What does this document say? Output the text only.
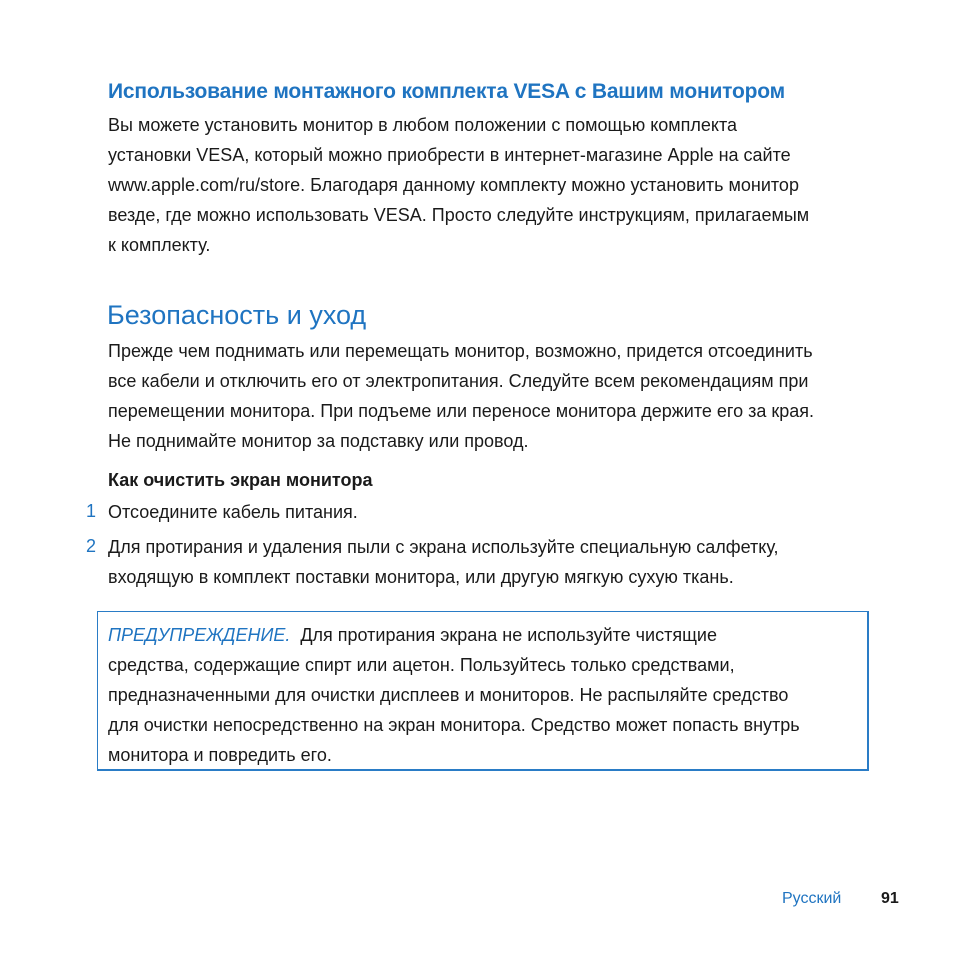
Использование монтажного комплекта VESA с Вашим монитором

Вы можете установить монитор в любом положении с помощью комплекта
установки VESA, который можно приобрести в интернет-магазине Apple на сайте
www.apple.com/ru/store. Благодаря данному комплекту можно установить монитор
везде, где можно использовать VESA. Просто следуйте инструкциям, прилагаемым
к комплекту.

Безопасность и уход

Прежде чем поднимать или перемещать монитор, возможно, придется отсоединить
все кабели и отключить его от электропитания. Следуйте всем рекомендациям при
перемещении монитора. При подъеме или переносе монитора держите его за края.
Не поднимайте монитор за подставку или провод.

Как очистить экран монитора
1 Отсоедините кабель питания.

2 Для протирания и удаления пыли с экрана используйте специальную салфетку,
входящую в комплект поставки монитора, или другую мягкую сухую ткань.

ПРЕДУПРЕЖДЕНИЕ. Для протирания экрана не используйте чистящие
средства, содержащие спирт или ацетон. Пользуйтесь только средствами,
предназначенными для очистки дисплеев и мониторов. Не распыляйте средство
для очистки непосредственно на экран монитора. Средство может попасть внутрь
монитора и повредить его.

Русский 91
